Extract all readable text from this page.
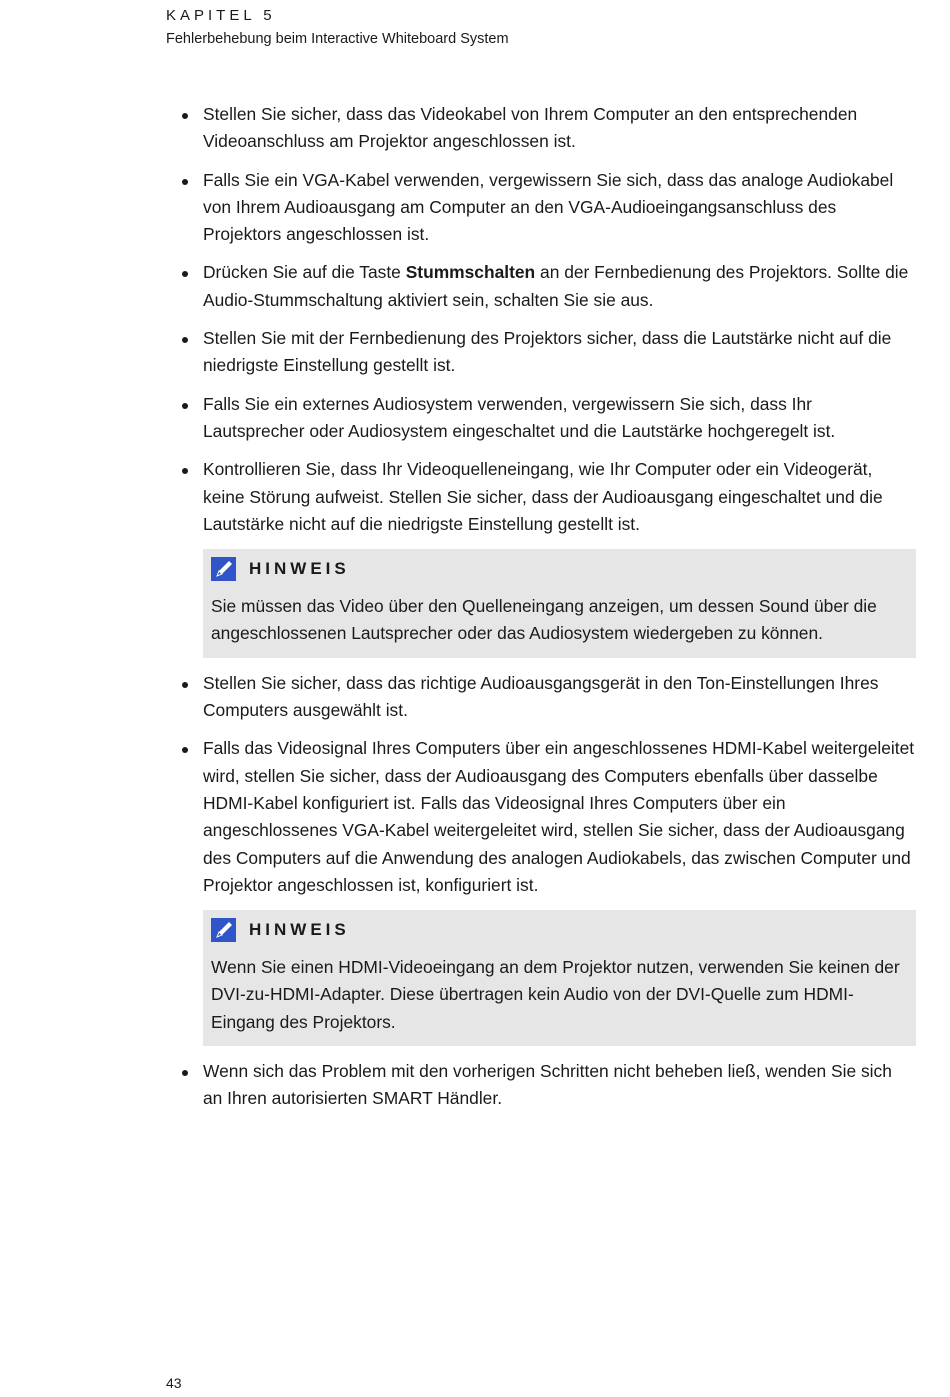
KAPITEL 5
Fehlerbehebung beim Interactive Whiteboard System
Stellen Sie sicher, dass das Videokabel von Ihrem Computer an den entsprechenden Videoanschluss am Projektor angeschlossen ist.
Falls Sie ein VGA-Kabel verwenden, vergewissern Sie sich, dass das analoge Audiokabel von Ihrem Audioausgang am Computer an den VGA-Audioeingangsanschluss des Projektors angeschlossen ist.
Drücken Sie auf die Taste Stummschalten an der Fernbedienung des Projektors. Sollte die Audio-Stummschaltung aktiviert sein, schalten Sie sie aus.
Stellen Sie mit der Fernbedienung des Projektors sicher, dass die Lautstärke nicht auf die niedrigste Einstellung gestellt ist.
Falls Sie ein externes Audiosystem verwenden, vergewissern Sie sich, dass Ihr Lautsprecher oder Audiosystem eingeschaltet und die Lautstärke hochgeregelt ist.
Kontrollieren Sie, dass Ihr Videoquelleneingang, wie Ihr Computer oder ein Videogerät, keine Störung aufweist. Stellen Sie sicher, dass der Audioausgang eingeschaltet und die Lautstärke nicht auf die niedrigste Einstellung gestellt ist.
HINWEIS
Sie müssen das Video über den Quelleneingang anzeigen, um dessen Sound über die angeschlossenen Lautsprecher oder das Audiosystem wiedergeben zu können.
Stellen Sie sicher, dass das richtige Audioausgangsgerät in den Ton-Einstellungen Ihres Computers ausgewählt ist.
Falls das Videosignal Ihres Computers über ein angeschlossenes HDMI-Kabel weitergeleitet wird, stellen Sie sicher, dass der Audioausgang des Computers ebenfalls über dasselbe HDMI-Kabel konfiguriert ist. Falls das Videosignal Ihres Computers über ein angeschlossenes VGA-Kabel weitergeleitet wird, stellen Sie sicher, dass der Audioausgang des Computers auf die Anwendung des analogen Audiokabels, das zwischen Computer und Projektor angeschlossen ist, konfiguriert ist.
HINWEIS
Wenn Sie einen HDMI-Videoeingang an dem Projektor nutzen, verwenden Sie keinen der DVI-zu-HDMI-Adapter. Diese übertragen kein Audio von der DVI-Quelle zum HDMI-Eingang des Projektors.
Wenn sich das Problem mit den vorherigen Schritten nicht beheben ließ, wenden Sie sich an Ihren autorisierten SMART Händler.
43
